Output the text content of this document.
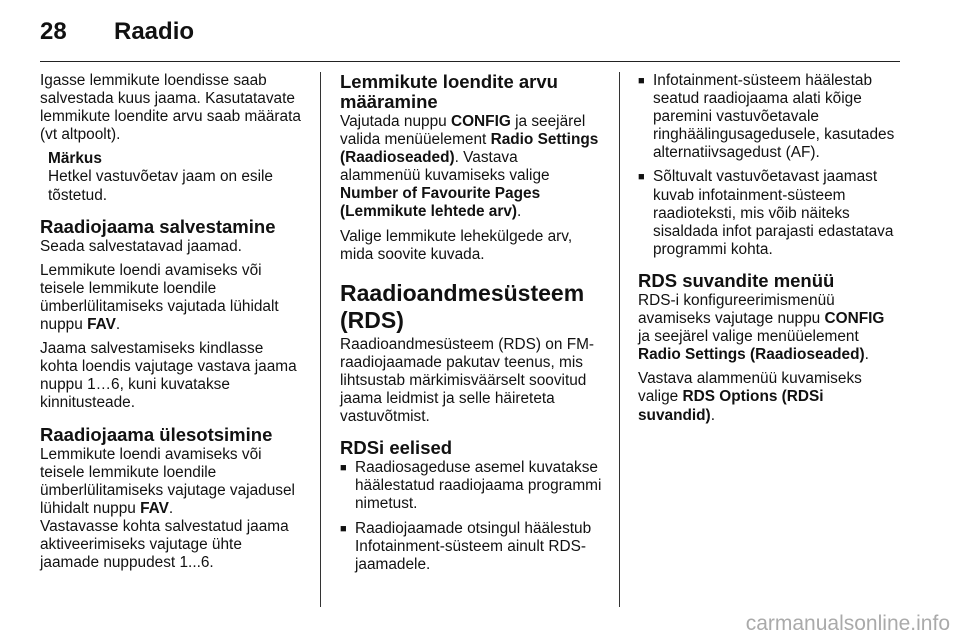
28	Raadio

Igasse lemmikute loendisse saab salvestada kuus jaama. Kasutatavate lemmikute loendite arvu saab määrata (vt altpoolt).

Märkus
Hetkel vastuvõetav jaam on esile tõstetud.
Raadiojaama salvestamine

Seada salvestatavad jaamad.

Lemmikute loendi avamiseks või teisele lemmikute loendile ümberlülitamiseks vajutada lühidalt nuppu FAV.

Jaama salvestamiseks kindlasse kohta loendis vajutage vastava jaama nuppu 1…6, kuni kuvatakse kinnitusteade.

Raadiojaama ülesotsimine

Lemmikute loendi avamiseks või teisele lemmikute loendile ümberlülitamiseks vajutage vajadusel lühidalt nuppu FAV.

Vastavasse kohta salvestatud jaama aktiveerimiseks vajutage ühte jaamade nuppudest 1...6.

Lemmikute loendite arvu määramine

Vajutada nuppu CONFIG ja seejärel valida menüüelement Radio Settings (Raadioseaded). Vastava alammenüü kuvamiseks valige Number of Favourite Pages (Lemmikute lehtede arv).

Valige lemmikute lehekülgede arv, mida soovite kuvada.

Raadioandmesüsteem (RDS)

Raadioandmesüsteem (RDS) on FM-raadiojaamade pakutav teenus, mis lihtsustab märkimisväärselt soovitud jaama leidmist ja selle häireteta vastuvõtmist.

RDSi eelised
■ Raadiosageduse asemel kuvatakse häälestatud raadiojaama programmi nimetust.
■ Raadiojaamade otsingul häälestub Infotainment-süsteem ainult RDS-jaamadele.
■ Infotainment-süsteem häälestab seatud raadiojaama alati kõige paremini vastuvõetavale ringhäälingusagedusele, kasutades alternatiivsagedust (AF).
■ Sõltuvalt vastuvõetavast jaamast kuvab infotainment-süsteem raadioteksti, mis võib näiteks sisaldada infot parajasti edastatava programmi kohta.
RDS suvandite menüü

RDS-i konfigureerimismenüü avamiseks vajutage nuppu CONFIG ja seejärel valige menüüelement Radio Settings (Raadioseaded).

Vastava alammenüü kuvamiseks valige RDS Options (RDSi suvandid).

carmanualsonline.info
